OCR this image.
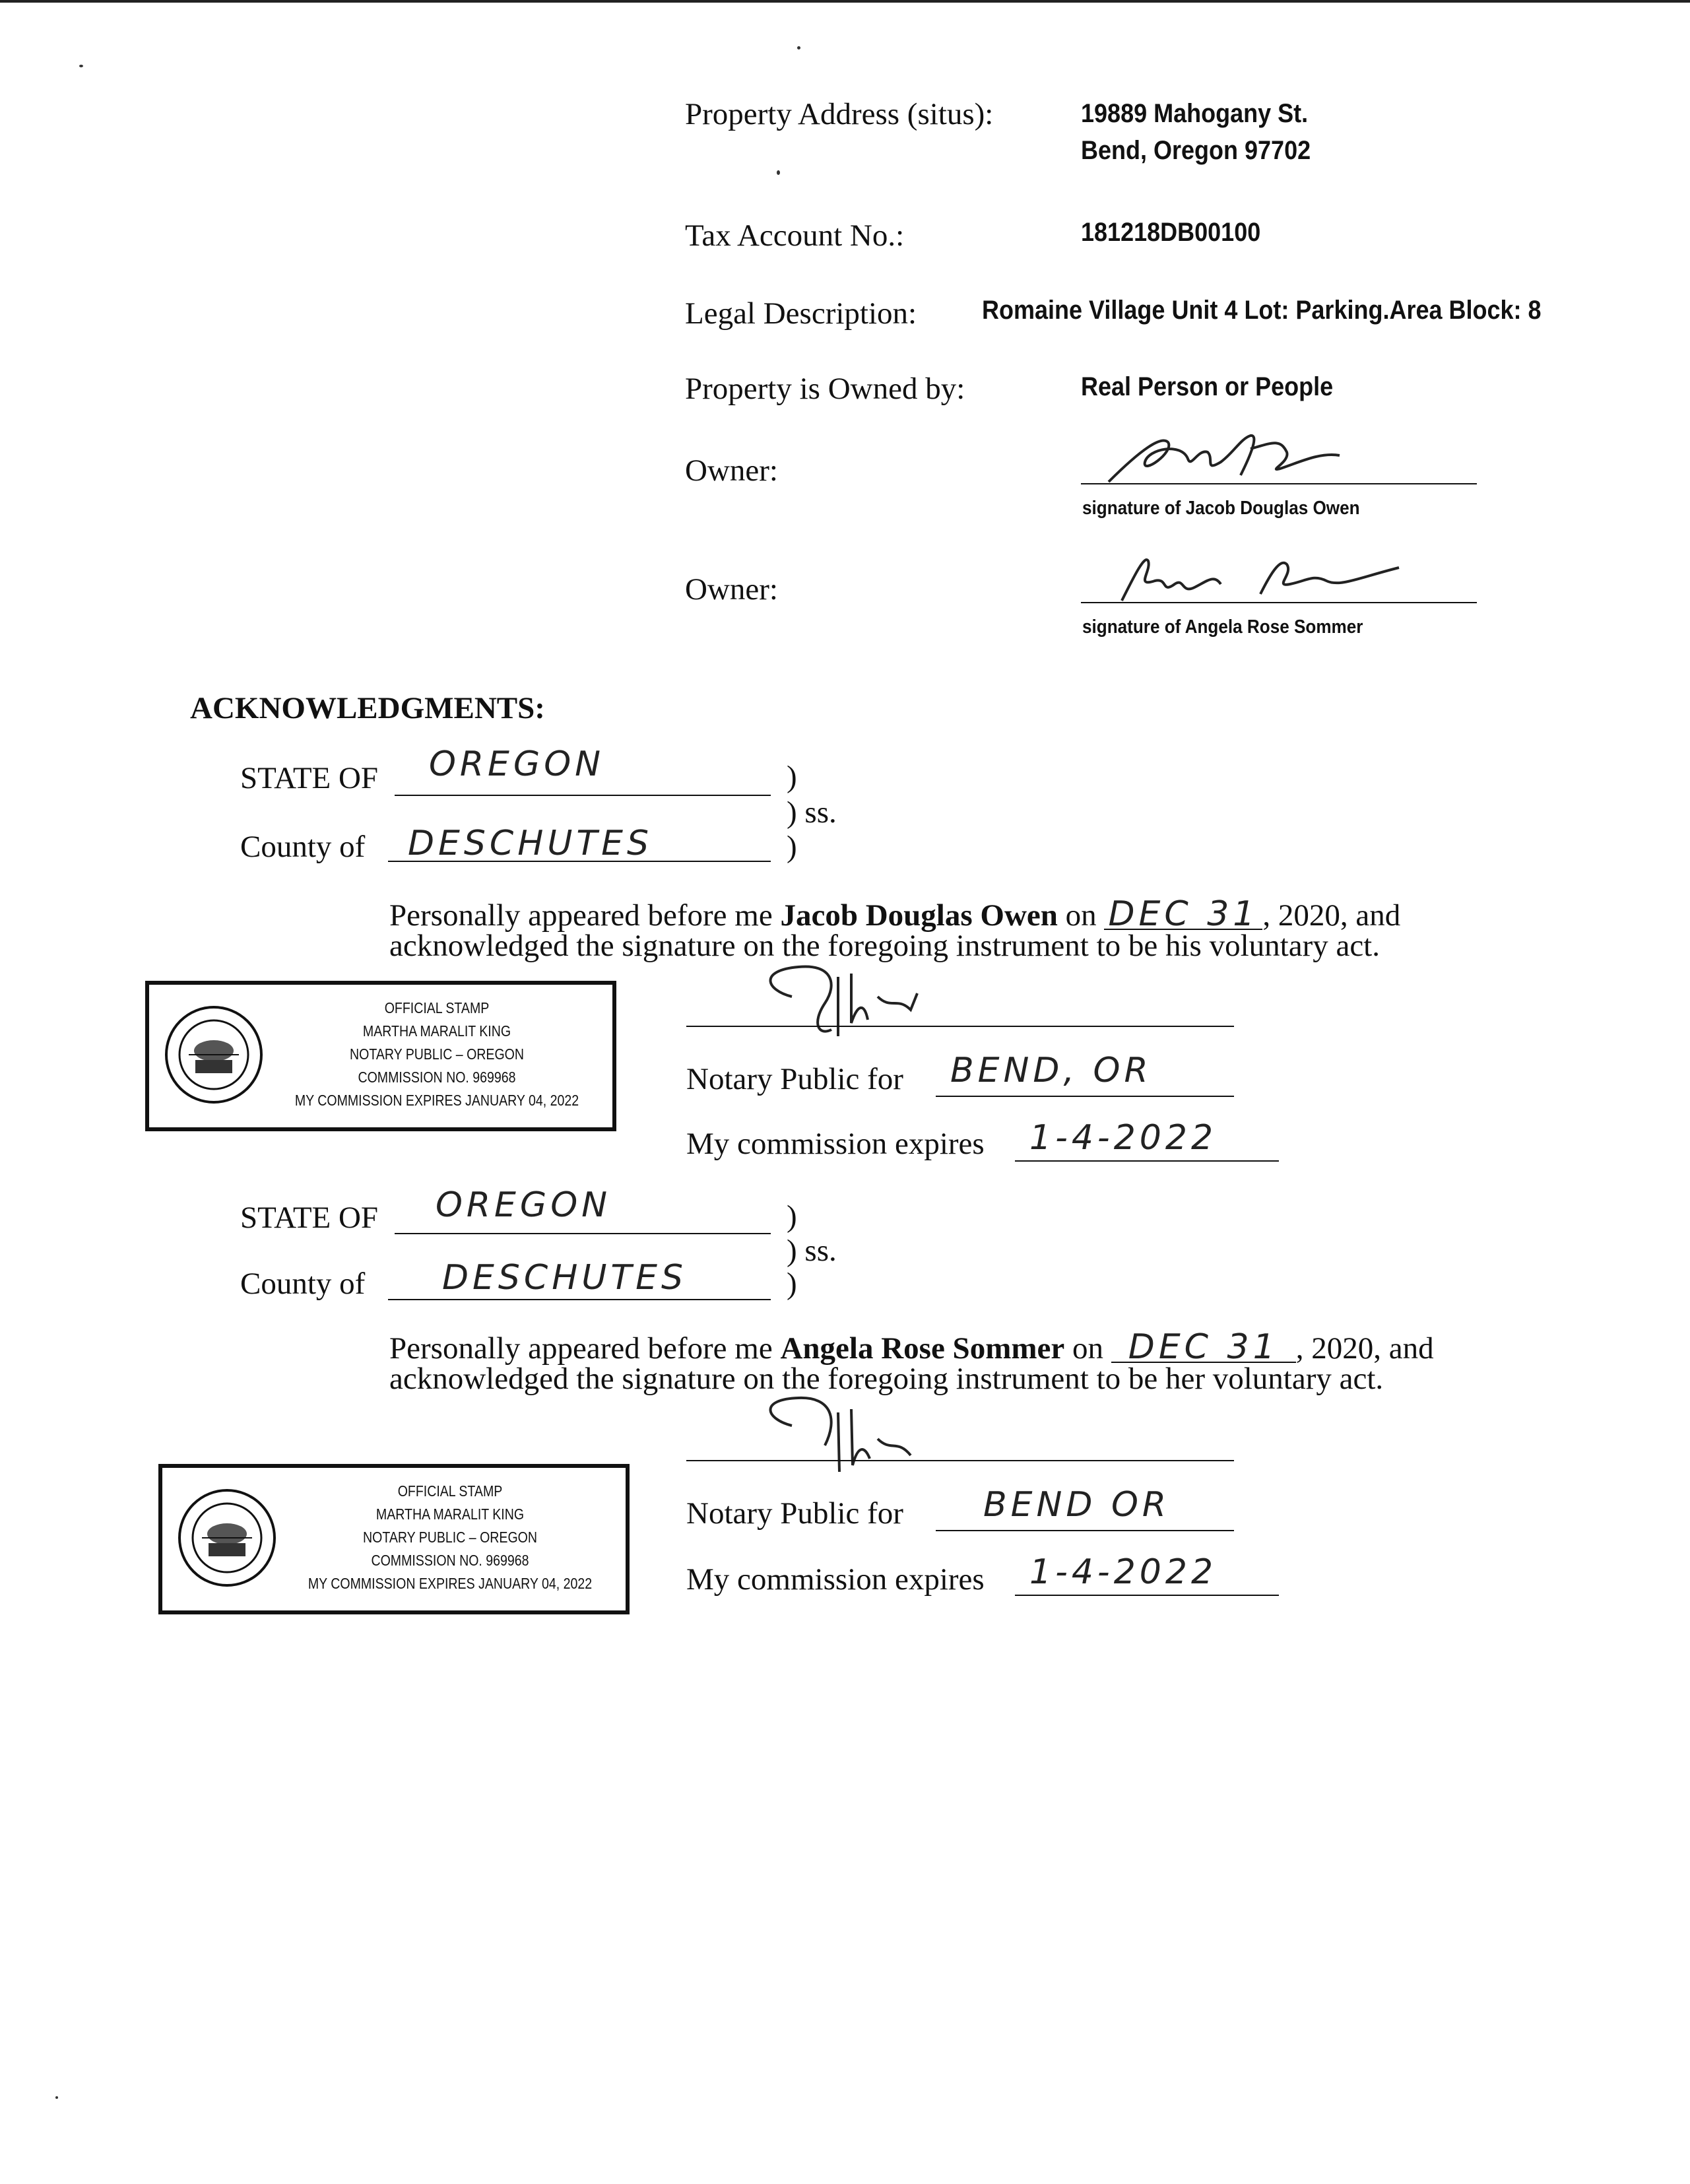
Property Address (situs):	19889 Mahogany St.
Bend, Oregon 97702
Tax Account No.:	181218DB00100
Legal Description: Romaine Village Unit 4 Lot: Parking.Area Block: 8
Property is Owned by:	Real Person or People
Owner:
signature of Jacob Douglas Owen
Owner:
signature of Angela Rose Sommer
ACKNOWLEDGMENTS:
STATE OF OREGON	)
) ss.
County of DESCHUTES	)
Personally appeared before me Jacob Douglas Owen on DEC 31 , 2020, and
acknowledged the signature on the foregoing instrument to be his voluntary act.
OFFICIAL STAMP
MARTHA MARALIT KING
NOTARY PUBLIC – OREGON
COMMISSION NO. 969968
MY COMMISSION EXPIRES JANUARY 04, 2022
Notary Public for BEND, OR
My commission expires 1-4-2022
STATE OF OREGON	)
) ss.
County of DESCHUTES	)
Personally appeared before me Angela Rose Sommer on DEC 31 , 2020, and
acknowledged the signature on the foregoing instrument to be her voluntary act.
OFFICIAL STAMP
MARTHA MARALIT KING
NOTARY PUBLIC – OREGON
COMMISSION NO. 969968
MY COMMISSION EXPIRES JANUARY 04, 2022
Notary Public for BEND OR
My commission expires 1-4-2022
